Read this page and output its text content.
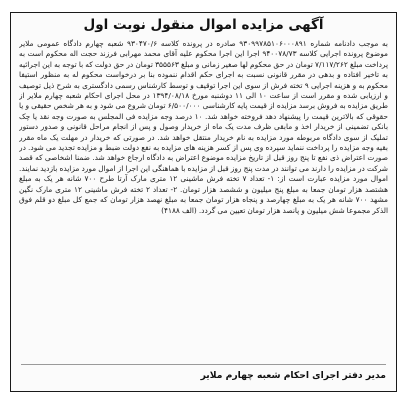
آگهی مزایده اموال منقول نوبت اول

به موجب دادنامه شماره ۹۳۰۹۹۷۸۵۱۰۶۰۰۰۸۹۱ صادره در پرونده کلاسه ۹۳۰۴۷۰/۶ شعبه چهارم دادگاه عمومی ملایر موضوع پرونده اجرایی کلاسه ۹۴۰۰۷۸/۷۳ اجرا این اجرا محکوم علیه آقای محمد مهرابی فرزند حجت اله محکوم است به پرداخت مبلغ ۷/۱۱۷/۲۶۲ تومان در حق محکوم لها صغیر زمانی و مبلغ ۳۵۵۵۶۳ تومان در حق دولت که با توجه به این اجرائیه به تاخیر افتاده و بدهی در مقرر قانونی نسبت به اجرای حکم اقدام ننموده بنا بر درخواست محکوم له به منظور استیفا محکوم به و هزینه اجرایی ۹ تخته فرش از سوی این اجرا توقیف و توسط کارشناس رسمی دادگستری به شرح ذیل توصیف و ارزیابی شده و مقرر است از ساعت ۱۰ الی ۱۱ دوشنبه مورخ ۱۳۹۴/۰۸/۱۸ در محل اجرای احکام شعبه چهارم ملایر از طریق مزایده به فروش برسد مزایده از قیمت پایه کارشناسی ۶/۵۰۰/۰۰۰ تومان شروع می شود و به هر شخص حقیقی و یا حقوقی که بالاترین قیمت را پیشنهاد دهد فروخته خواهد شد. ۱۰ درصد وجه مزایده فی المجلس به صورت وجه نقد یا چک بانکی تضمینی از خریدار اخذ و مابقی ظرف مدت یک ماه از خریدار وصول و پس از انجام مراحل قانونی و صدور دستور تملیک از سوی دادگاه مربوطه مورد مزایده به نام خریدار منتقل خواهد شد. در صورتی که خریدار در مهلت یک ماه مقرر بقیه وجه مزایده را پرداخت ننماید سپرده وی پس از کسر هزینه های مزایده به نفع دولت ضبط و مزایده تجدید می شود. در صورت اعتراض ذی نفع تا پنج روز قبل از تاریخ مزایده موضوع اعتراض به دادگاه ارجاع خواهد شد. ضمنا اشخاصی که قصد شرکت در مزایده را دارند می توانند در مدت پنج روز قبل از مزایده با هماهنگی این اجرا از اموال مورد مزایده بازدید نمایند. اموال مورد مزایده عبارت است از: ۱- تعداد ۷ تخته فرش ماشینی ۱۲ متری مارک آرتا طرح ۷۰۰ شانه هر یک به مبلغ هشتصد هزار تومان جمعا به مبلغ پنج میلیون و ششصد هزار تومان. ۲- تعداد ۲ تخته فرش ماشینی ۱۲ متری مارک نگین مشهد ۷۰۰ شانه هر یک به مبلغ چهارصد و پنجاه هزار تومان جمعا به مبلغ نهصد هزار تومان که جمع کل مبلغ دو قلم فوق الذکر مجموعا شش میلیون و پانصد هزار تومان تعیین می گردد. (الف ۴۱۸۸)

مدیر دفتر اجرای احکام شعبه چهارم ملایر
